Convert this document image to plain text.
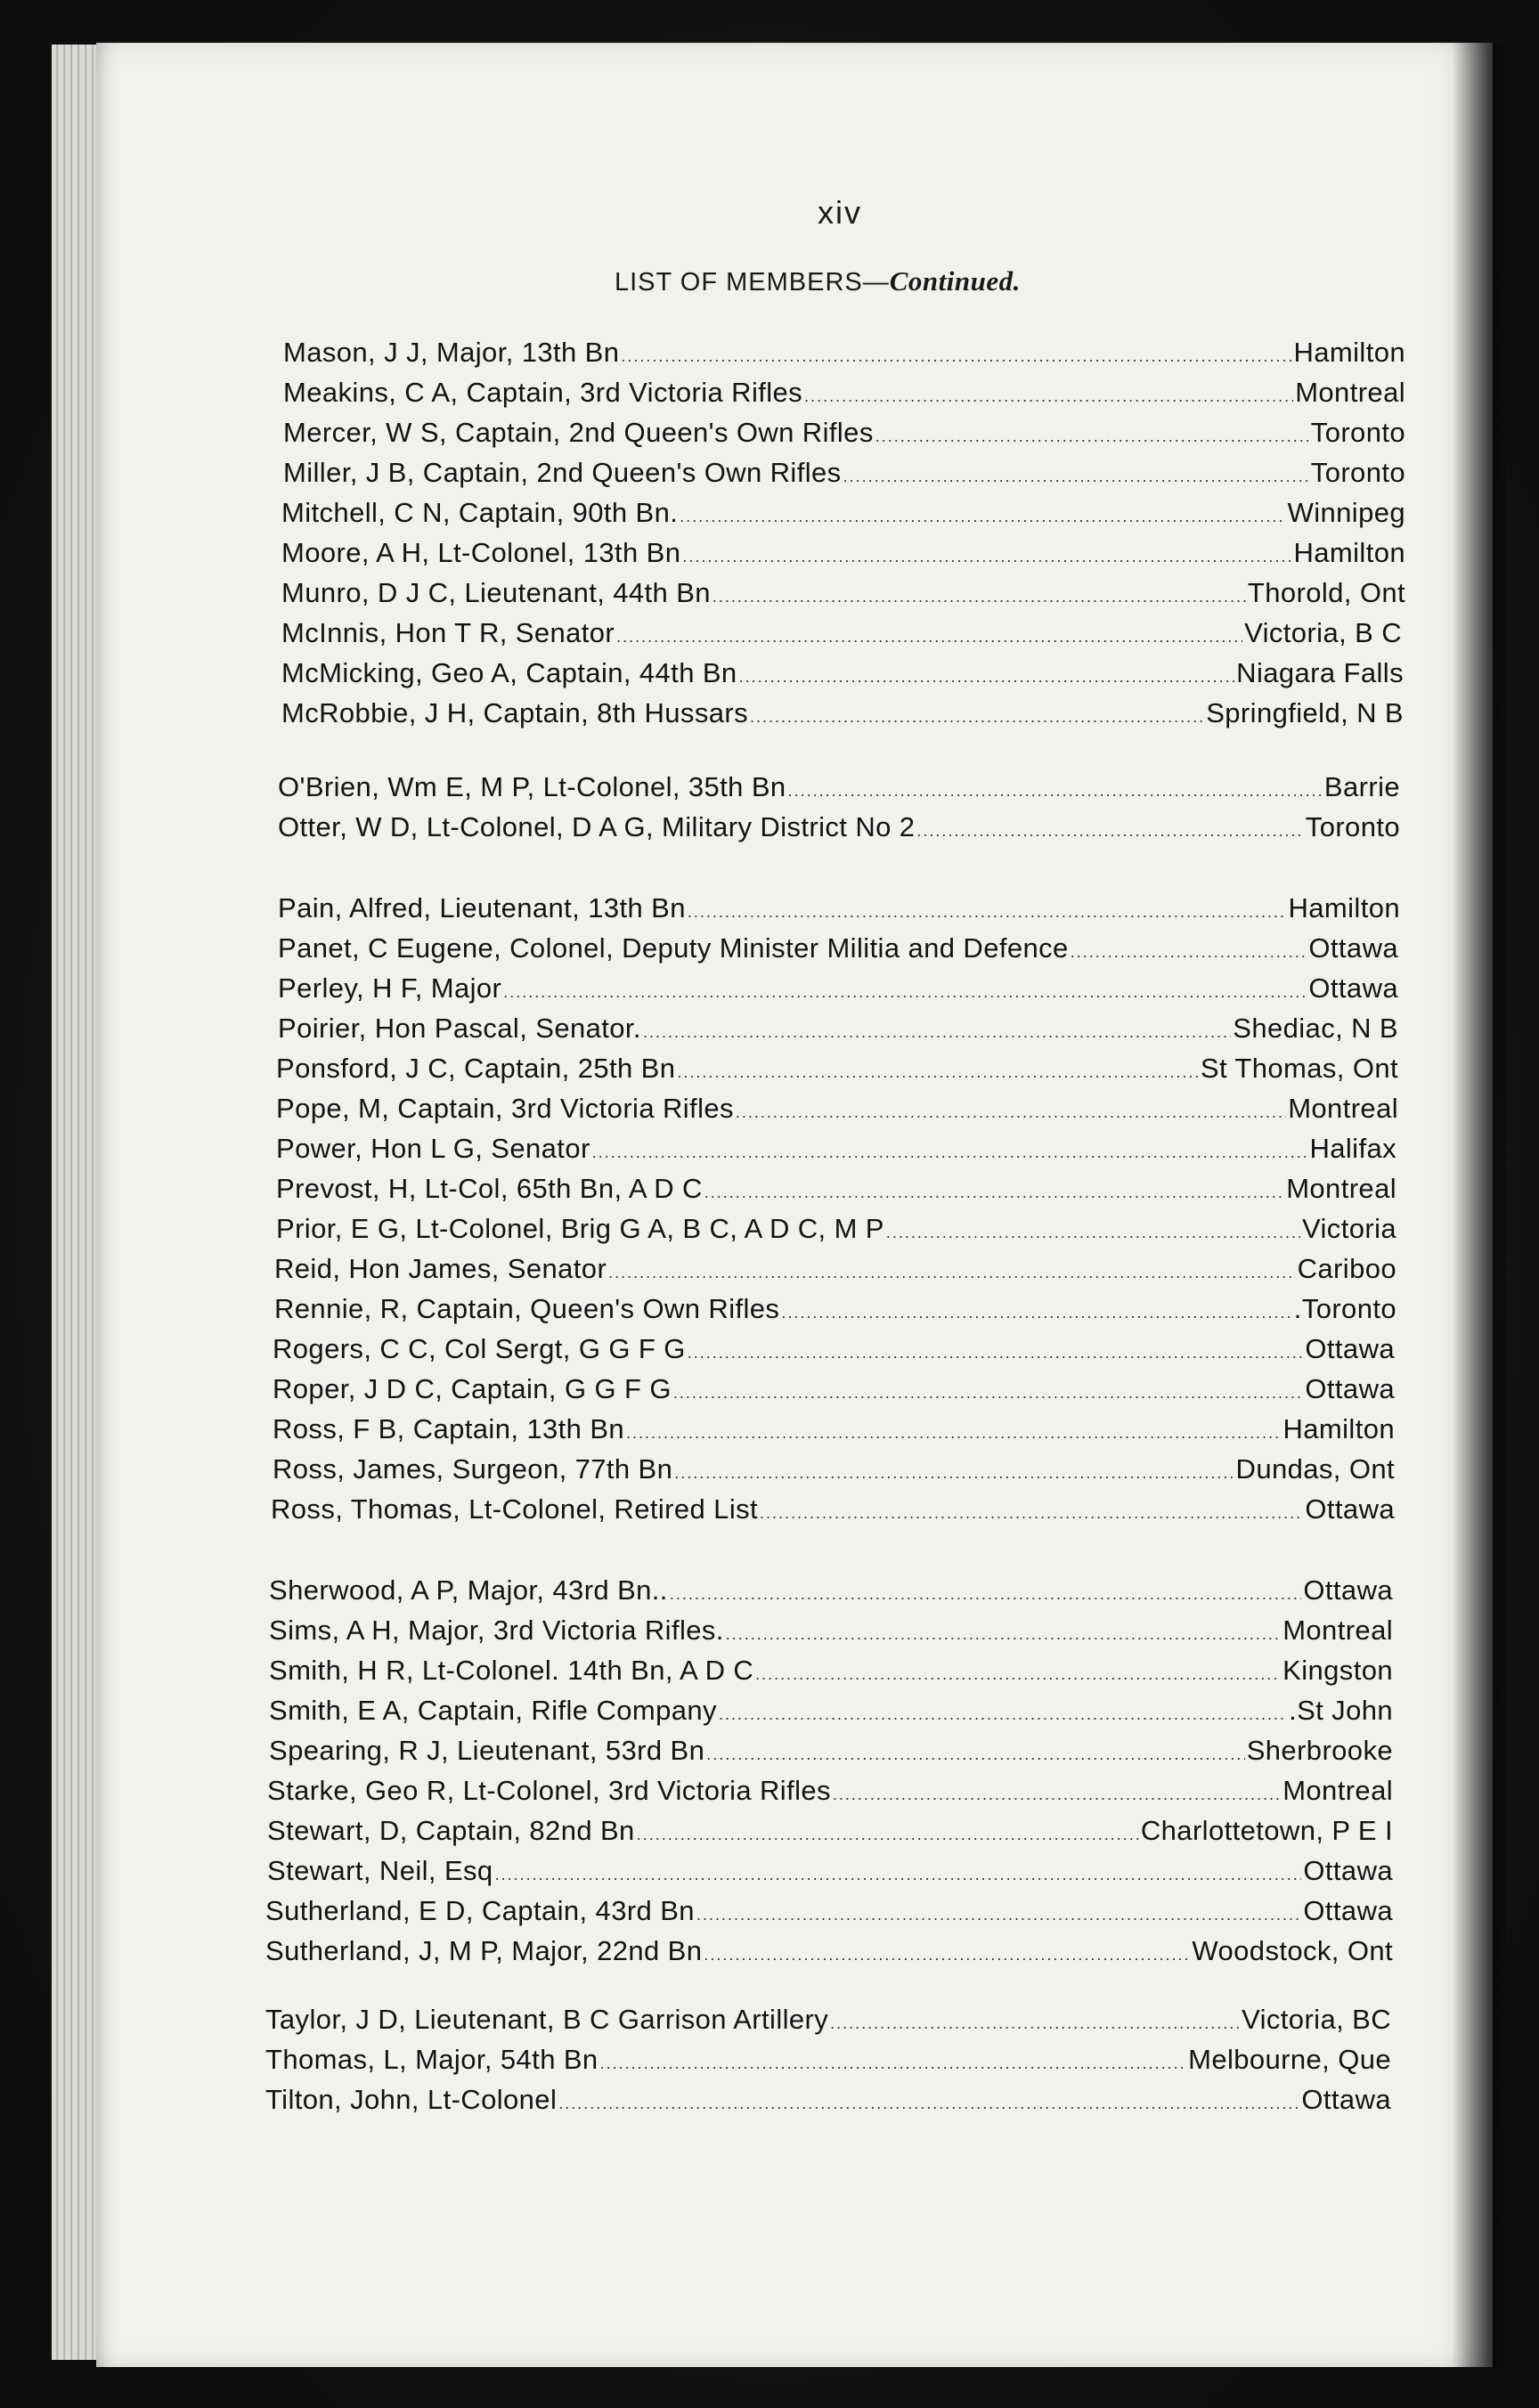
xiv
LIST OF MEMBERS—Continued.
Mason, J J, Major, 13th Bn .....	Hamilton
Meakins, C A, Captain, 3rd Victoria Rifles .....	Montreal
Mercer, W S, Captain, 2nd Queen's Own Rifles .....	Toronto
Miller, J B, Captain, 2nd Queen's Own Rifles .....	Toronto
Mitchell, C N, Captain, 90th Bn. .....	Winnipeg
Moore, A H, Lt-Colonel, 13th Bn .....	Hamilton
Munro, D J C, Lieutenant, 44th Bn .....	Thorold, Ont
McInnis, Hon T R, Senator .....	Victoria, B C
McMicking, Geo A, Captain, 44th Bn .....	Niagara Falls
McRobbie, J H, Captain, 8th Hussars .....	Springfield, N B
O'Brien, Wm E, M P, Lt-Colonel, 35th Bn .....	Barrie
Otter, W D, Lt-Colonel, D A G, Military District No 2 .....	Toronto
Pain, Alfred, Lieutenant, 13th Bn .....	Hamilton
Panet, C Eugene, Colonel, Deputy Minister Militia and Defence .....	Ottawa
Perley, H F, Major .....	Ottawa
Poirier, Hon Pascal, Senator. .....	Shediac, N B
Ponsford, J C, Captain, 25th Bn .....	St Thomas, Ont
Pope, M, Captain, 3rd Victoria Rifles .....	Montreal
Power, Hon L G, Senator .....	Halifax
Prevost, H, Lt-Col, 65th Bn, A D C .....	Montreal
Prior, E G, Lt-Colonel, Brig G A, B C, A D C, M P .....	Victoria
Reid, Hon James, Senator .....	Cariboo
Rennie, R, Captain, Queen's Own Rifles .....	.Toronto
Rogers, C C, Col Sergt, G G F G .....	Ottawa
Roper, J D C, Captain, G G F G .....	Ottawa
Ross, F B, Captain, 13th Bn .....	Hamilton
Ross, James, Surgeon, 77th Bn .....	Dundas, Ont
Ross, Thomas, Lt-Colonel, Retired List .....	Ottawa
Sherwood, A P, Major, 43rd Bn.. .....	Ottawa
Sims, A H, Major, 3rd Victoria Rifles. .....	Montreal
Smith, H R, Lt-Colonel. 14th Bn, A D C .....	Kingston
Smith, E A, Captain, Rifle Company .....	.St John
Spearing, R J, Lieutenant, 53rd Bn .....	Sherbrooke
Starke, Geo R, Lt-Colonel, 3rd Victoria Rifles .....	Montreal
Stewart, D, Captain, 82nd Bn .....	Charlottetown, P E I
Stewart, Neil, Esq .....	Ottawa
Sutherland, E D, Captain, 43rd Bn .....	Ottawa
Sutherland, J, M P, Major, 22nd Bn .....	Woodstock, Ont
Taylor, J D, Lieutenant, B C Garrison Artillery .....	Victoria, BC
Thomas, L, Major, 54th Bn .....	Melbourne, Que
Tilton, John, Lt-Colonel .....	Ottawa
